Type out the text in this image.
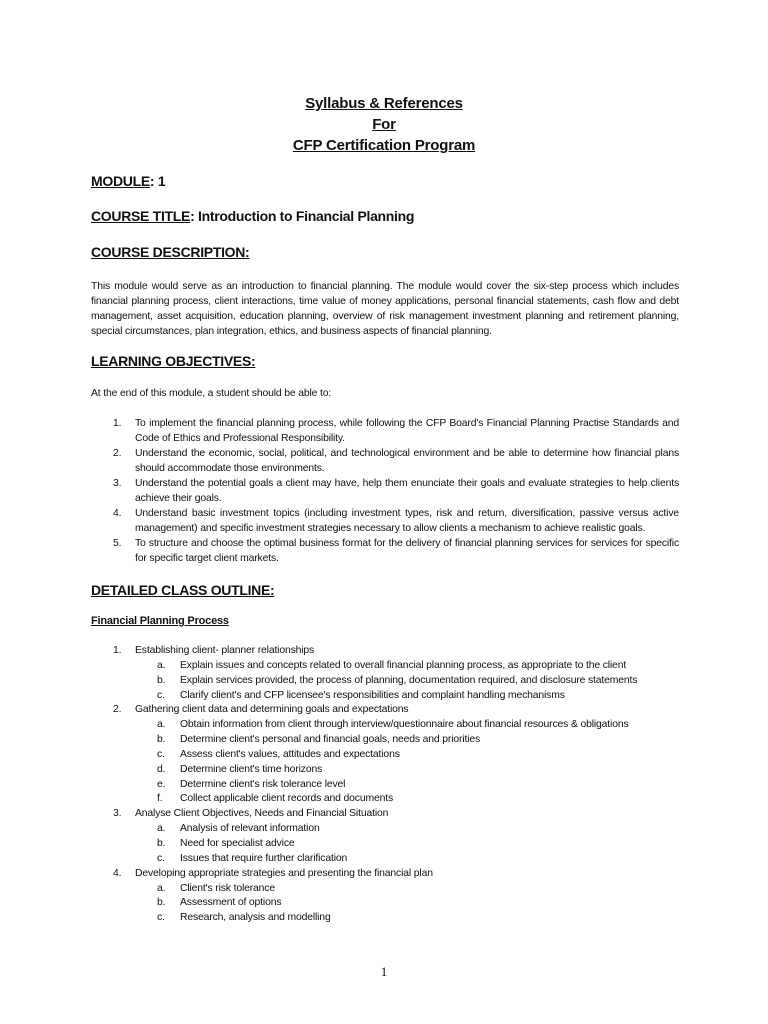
Syllabus & References
For
CFP Certification Program
MODULE: 1
COURSE TITLE: Introduction to Financial Planning
COURSE DESCRIPTION:
This module would serve as an introduction to financial planning. The module would cover the six-step process which includes financial planning process, client interactions, time value of money applications, personal financial statements, cash flow and debt management, asset acquisition, education planning, overview of risk management investment planning and retirement planning, special circumstances, plan integration, ethics, and business aspects of financial planning.
LEARNING OBJECTIVES:
At the end of this module, a student should be able to:
1. To implement the financial planning process, while following the CFP Board's Financial Planning Practise Standards and Code of Ethics and Professional Responsibility.
2. Understand the economic, social, political, and technological environment and be able to determine how financial plans should accommodate those environments.
3. Understand the potential goals a client may have, help them enunciate their goals and evaluate strategies to help clients achieve their goals.
4. Understand basic investment topics (including investment types, risk and return, diversification, passive versus active management) and specific investment strategies necessary to allow clients a mechanism to achieve realistic goals.
5. To structure and choose the optimal business format for the delivery of financial planning services for services for specific for specific target client markets.
DETAILED CLASS OUTLINE:
Financial Planning Process
1. Establishing client- planner relationships
a. Explain issues and concepts related to overall financial planning process, as appropriate to the client
b. Explain services provided, the process of planning, documentation required, and disclosure statements
c. Clarify client's and CFP licensee's responsibilities and complaint handling mechanisms
2. Gathering client data and determining goals and expectations
a. Obtain information from client through interview/questionnaire about financial resources & obligations
b. Determine client's personal and financial goals, needs and priorities
c. Assess client's values, attitudes and expectations
d. Determine client's time horizons
e. Determine client's risk tolerance level
f. Collect applicable client records and documents
3. Analyse Client Objectives, Needs and Financial Situation
a. Analysis of relevant information
b. Need for specialist advice
c. Issues that require further clarification
4. Developing appropriate strategies and presenting the financial plan
a. Client's risk tolerance
b. Assessment of options
c. Research, analysis and modelling
1
